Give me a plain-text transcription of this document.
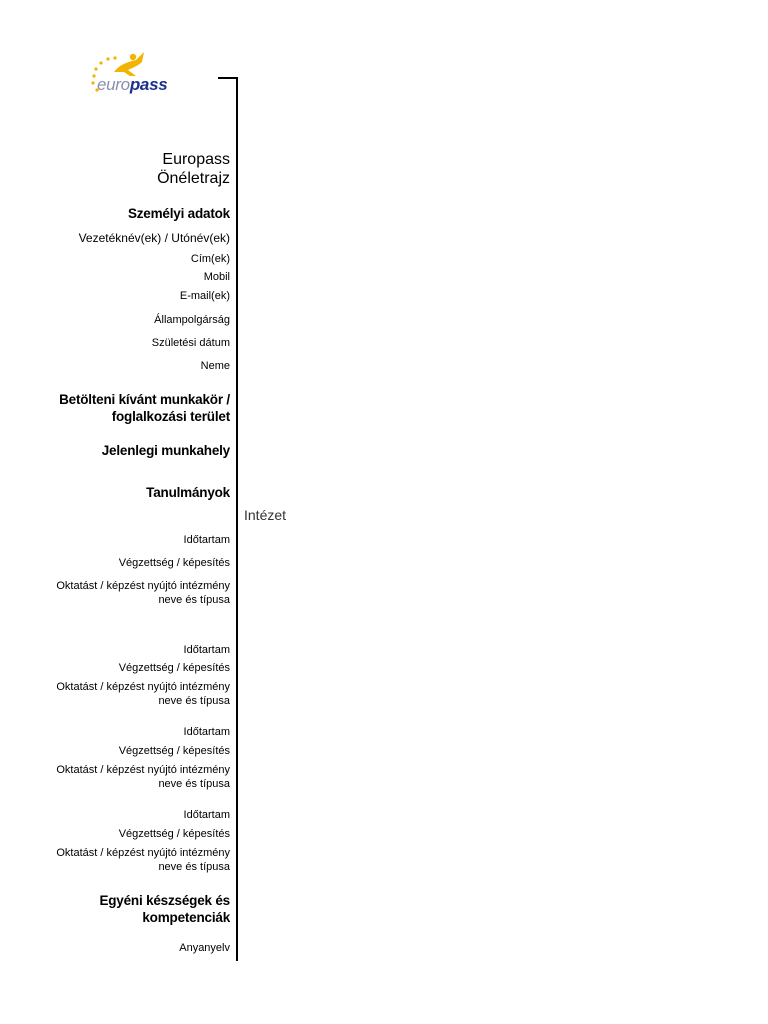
europass
Europass
Önéletrajz
Személyi adatok
Vezetéknév(ek) / Utónév(ek)
Cím(ek)
Mobil
E-mail(ek)
Állampolgárság
Születési dátum
Neme
Betölteni kívánt munkakör /
foglalkozási terület
Jelenlegi munkahely
Tanulmányok
Intézet
Időtartam
Végzettség / képesítés
Oktatást / képzést nyújtó intézmény
neve és típusa
Időtartam
Végzettség / képesítés
Oktatást / képzést nyújtó intézmény
neve és típusa
Időtartam
Végzettség / képesítés
Oktatást / képzést nyújtó intézmény
neve és típusa
Időtartam
Végzettség / képesítés
Oktatást / képzést nyújtó intézmény
neve és típusa
Egyéni készségek és
kompetenciák
Anyanyelv
